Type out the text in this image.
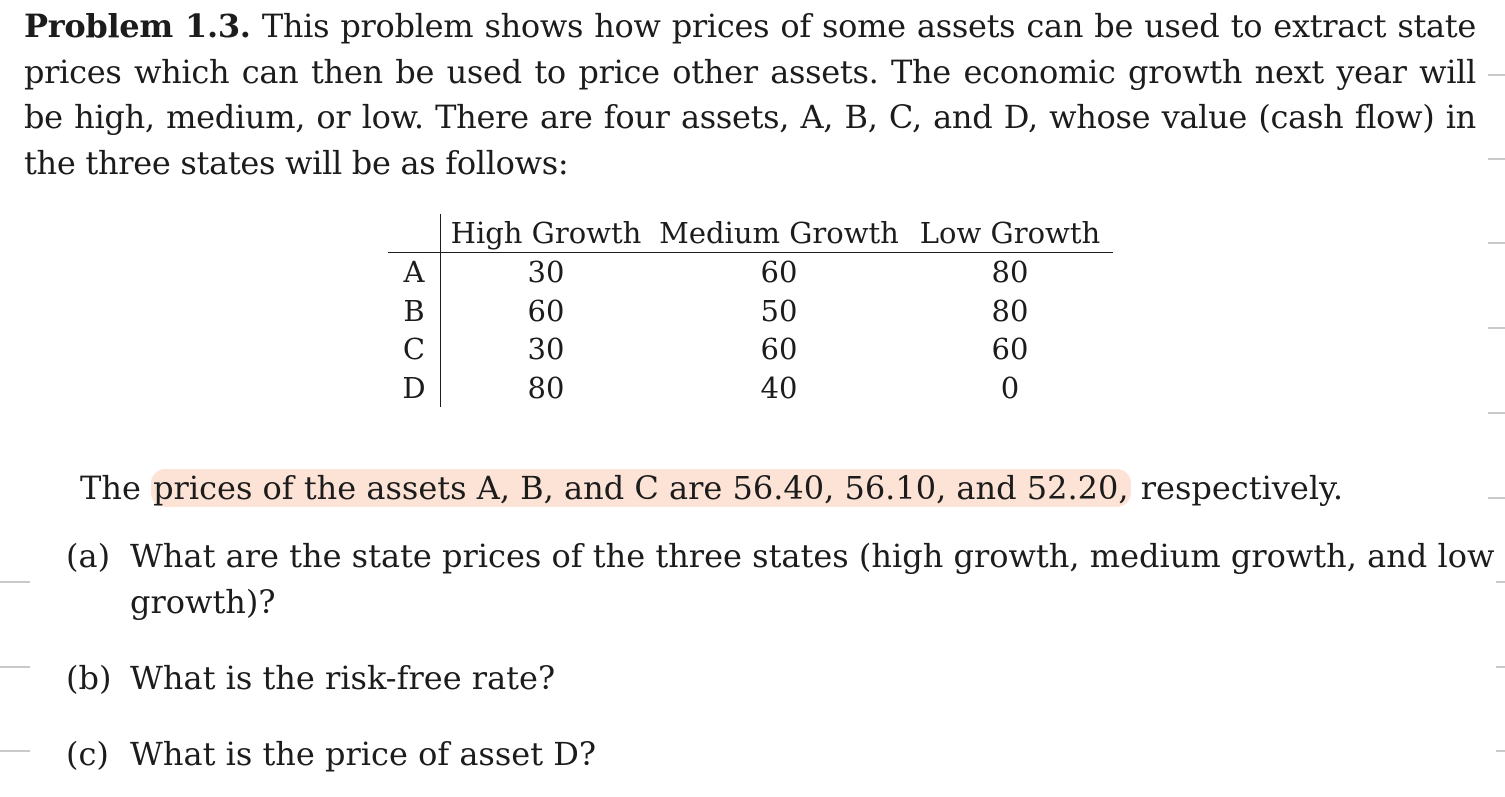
Problem 1.3. This problem shows how prices of some assets can be used to extract state prices which can then be used to price other assets. The economic growth next year will be high, medium, or low. There are four assets, A, B, C, and D, whose value (cash flow) in the three states will be as follows:

	High Growth	Medium Growth	Low Growth
A	30	60	80
B	60	50	80
C	30	60	60
D	80	40	0

The prices of the assets A, B, and C are 56.40, 56.10, and 52.20, respectively.

(a) What are the state prices of the three states (high growth, medium growth, and low
growth)?
(b) What is the risk-free rate?
(c) What is the price of asset D?
